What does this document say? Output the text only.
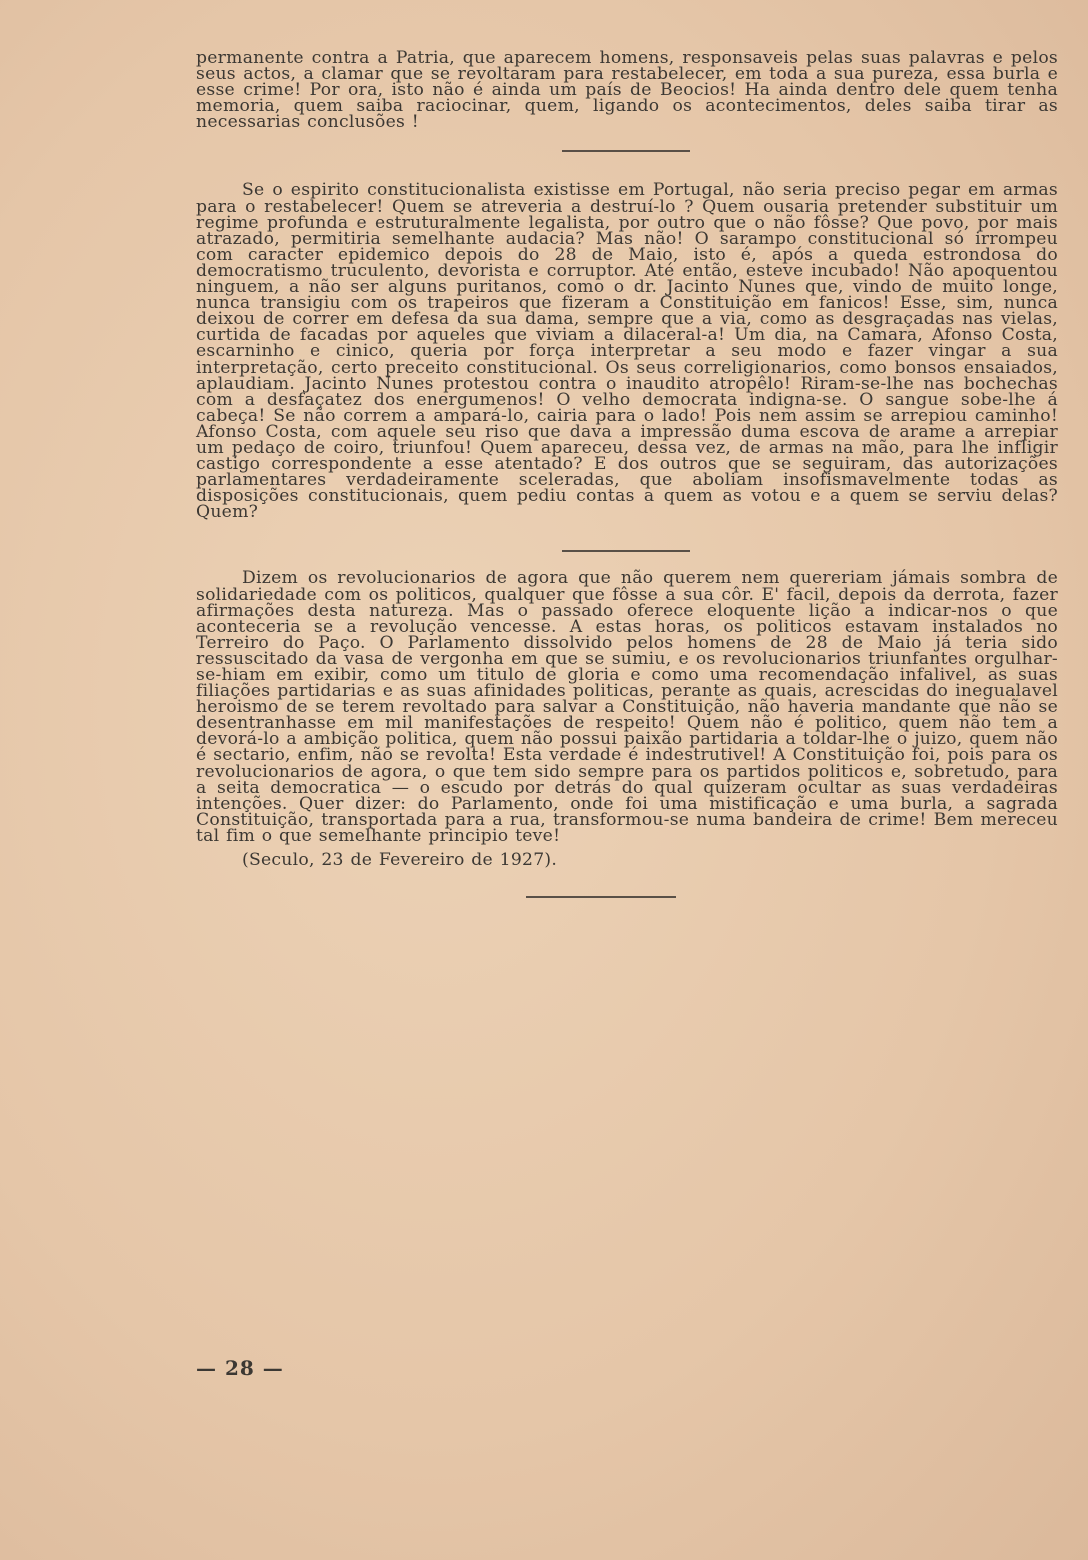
permanente contra a Patria, que aparecem homens, responsaveis pelas suas palavras e pelos seus actos, a clamar que se revoltaram para restabelecer, em toda a sua pureza, essa burla e esse crime! Por ora, isto não é ainda um país de Beocios! Ha ainda dentro dele quem tenha memoria, quem saiba raciocinar, quem, ligando os acontecimentos, deles saiba tirar as necessarias conclusões !

Se o espirito constitucionalista existisse em Portugal, não seria preciso pegar em armas para o restabelecer! Quem se atreveria a destruí-lo ? Quem ousaria pretender substituir um regime profunda e estruturalmente legalista, por outro que o não fôsse? Que povo, por mais atrazado, permitiria semelhante audacia? Mas não! O sarampo constitucional só irrompeu com caracter epidemico depois do 28 de Maio, isto é, após a queda estrondosa do democratismo truculento, devorista e corruptor. Até então, esteve incubado! Não apoquentou ninguem, a não ser alguns puritanos, como o dr. Jacinto Nunes que, vindo de muito longe, nunca transigiu com os trapeiros que fizeram a Constituição em fanicos! Esse, sim, nunca deixou de correr em defesa da sua dama, sempre que a via, como as desgraçadas nas vielas, curtida de facadas por aqueles que viviam a dilaceral-a! Um dia, na Camara, Afonso Costa, escarninho e cinico, queria por força interpretar a seu modo e fazer vingar a sua interpretação, certo preceito constitucional. Os seus correligionarios, como bonsos ensaiados, aplaudiam. Jacinto Nunes protestou contra o inaudito atropêlo! Riram-se-lhe nas bochechas com a desfaçatez dos energumenos! O velho democrata indigna-se. O sangue sobe-lhe á cabeça! Se não correm a ampará-lo, cairia para o lado! Pois nem assim se arrepiou caminho! Afonso Costa, com aquele seu riso que dava a impressão duma escova de arame a arrepiar um pedaço de coiro, triunfou! Quem apareceu, dessa vez, de armas na mão, para lhe infligir castigo correspondente a esse atentado? E dos outros que se seguiram, das autorizações parlamentares verdadeiramente sceleradas, que aboliam insofismavelmente todas as disposições constitucionais, quem pediu contas a quem as votou e a quem se serviu delas? Quem?

Dizem os revolucionarios de agora que não querem nem quereriam jámais sombra de solidariedade com os politicos, qualquer que fôsse a sua côr. E' facil, depois da derrota, fazer afirmações desta natureza. Mas o passado oferece eloquente lição a indicar-nos o que aconteceria se a revolução vencesse. A estas horas, os politicos estavam instalados no Terreiro do Paço. O Parlamento dissolvido pelos homens de 28 de Maio já teria sido ressuscitado da vasa de vergonha em que se sumiu, e os revolucionarios triunfantes orgulhar-se-hiam em exibir, como um titulo de gloria e como uma recomendação infalivel, as suas filiações partidarias e as suas afinidades politicas, perante as quais, acrescidas do inegualavel heroismo de se terem revoltado para salvar a Constituição, não haveria mandante que não se desentranhasse em mil manifestações de respeito! Quem não é politico, quem não tem a devorá-lo a ambição politica, quem não possui paixão partidaria a toldar-lhe o juizo, quem não é sectario, enfim, não se revolta! Esta verdade é indestrutivel! A Constituição foi, pois para os revolucionarios de agora, o que tem sido sempre para os partidos politicos e, sobretudo, para a seita democratica — o escudo por detrás do qual quizeram ocultar as suas verdadeiras intenções. Quer dizer: do Parlamento, onde foi uma mistificação e uma burla, a sagrada Constituição, transportada para a rua, transformou-se numa bandeira de crime! Bem mereceu tal fim o que semelhante principio teve!

(Seculo, 23 de Fevereiro de 1927).

— 28 —
